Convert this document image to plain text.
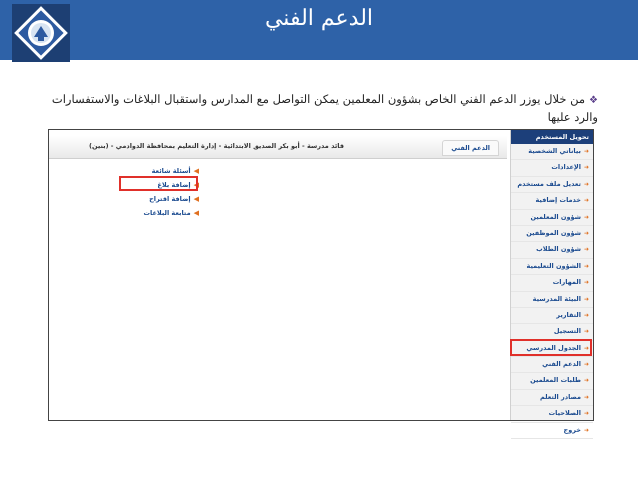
الدعم الفني
❖من خلال يوزر الدعم الفني الخاص بشؤون المعلمين يمكن التواصل مع المدارس واستقبال البلاغات والاستفسارات والرد عليها
قائد مدرسة - أبو بكر الصديق الابتدائية - إدارة التعليم بمحافظة الدوادمي - (بنين)	الدعم الفني
◀أسئلة شائعة
◀إضافة بلاغ
◀إضافة اقتراح
◀متابعة البلاغات
تحويل المستخدم
➜بياناتي الشخصية
➜الإعدادات
➜تعديل ملف مستخدم
➜خدمات إضافية
➜شؤون المعلمين
➜شؤون الموظفين
➜شؤون الطلاب
➜الشؤون التعليمية
➜المهارات
➜البيئة المدرسية
➜التقارير
➜التسجيل
➜الجدول المدرسي
➜الدعم الفني
➜طلبات المعلمين
➜مصادر التعلم
➜الصلاحيات
➜خروج
